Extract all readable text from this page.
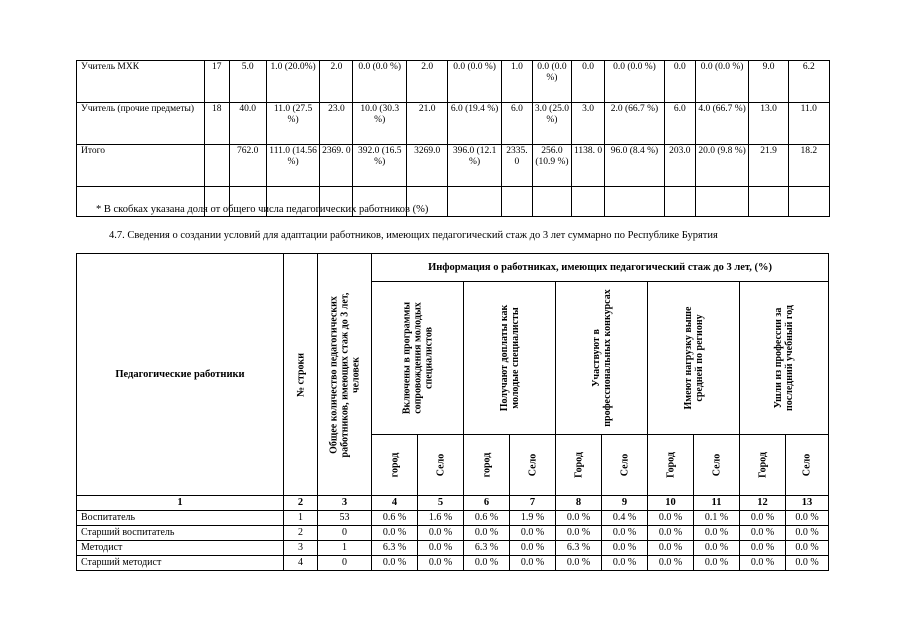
Учитель МХК	17	5.0	1.0 (20.0%)	2.0	0.0 (0.0 %)	2.0	0.0 (0.0 %)	1.0	0.0 (0.0 %)	0.0	0.0 (0.0 %)	0.0	0.0 (0.0 %)	9.0	6.2
Учитель (прочие предметы)	18	40.0	11.0 (27.5 %)	23.0	10.0 (30.3 %)	21.0	6.0 (19.4 %)	6.0	3.0 (25.0 %)	3.0	2.0 (66.7 %)	6.0	4.0 (66.7 %)	13.0	11.0
Итого		762.0	111.0 (14.56 %)	2369. 0	392.0 (16.5 %)	3269.0	396.0 (12.1 %)	2335. 0	256.0 (10.9 %)	1138. 0	96.0 (8.4 %)	203.0	20.0 (9.8 %)	21.9	18.2

* В скобках указана доля от общего числа педагогических работников (%)
4.7. Сведения о создании условий для адаптации работников, имеющих педагогический стаж до 3 лет суммарно по Республике Бурятия
Педагогические работники	№ строки	Общее количество педагогических работников, имеющих стаж до 3 лет, человек	Информация о работниках, имеющих педагогический стаж до 3 лет, (%)									

			Включены в программы сопровождения молодых специалистов		Получают доплаты как молодые специалисты		Участвуют в профессиональных конкурсах		Имеют нагрузку выше средней по региону		Ушли из профессии за последний учебный год	

			город	Село	город	Село	Город	Село	Город	Село	Город	Село

1	2	3	4	5	6	7	8	9	10	11	12	13
Воспитатель	1	53	0.6 %	1.6 %	0.6 %	1.9 %	0.0 %	0.4 %	0.0 %	0.1 %	0.0 %	0.0 %
Старший воспитатель	2	0	0.0 %	0.0 %	0.0 %	0.0 %	0.0 %	0.0 %	0.0 %	0.0 %	0.0 %	0.0 %
Методист	3	1	6.3 %	0.0 %	6.3 %	0.0 %	6.3 %	0.0 %	0.0 %	0.0 %	0.0 %	0.0 %
Старший методист	4	0	0.0 %	0.0 %	0.0 %	0.0 %	0.0 %	0.0 %	0.0 %	0.0 %	0.0 %	0.0 %
